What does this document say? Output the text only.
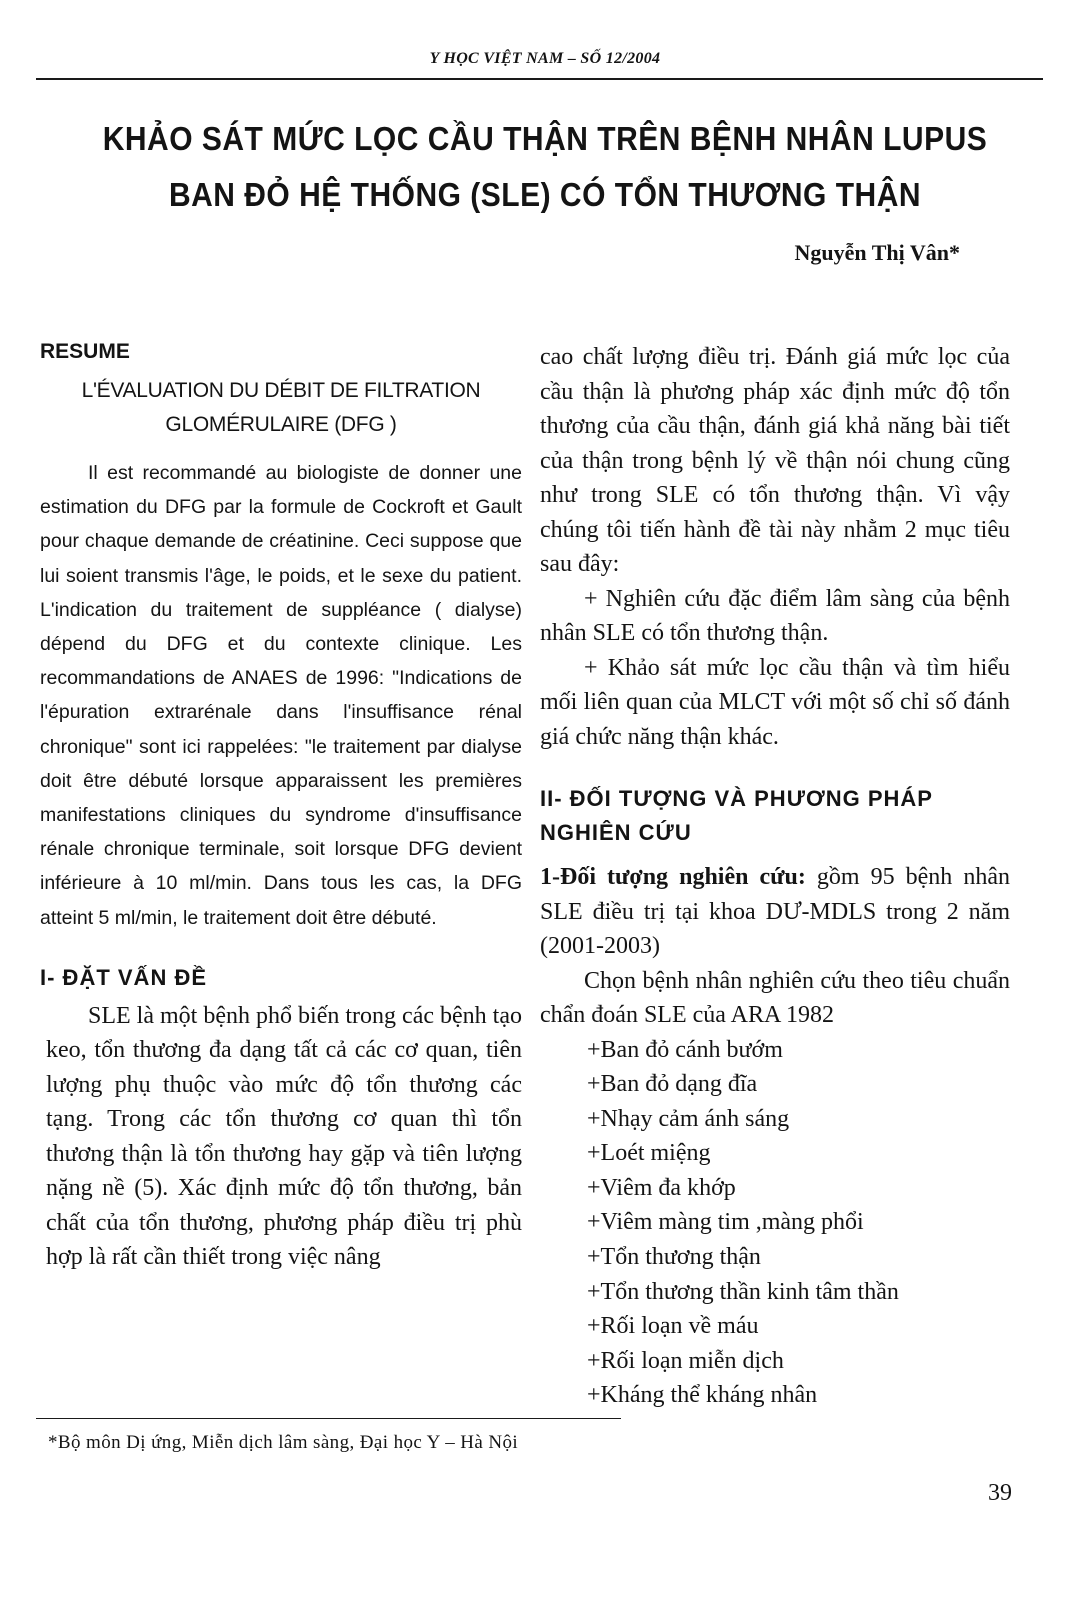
Y HỌC VIỆT NAM – SỐ 12/2004
KHẢO SÁT MỨC LỌC CẦU THẬN TRÊN BỆNH NHÂN LUPUS
BAN ĐỎ HỆ THỐNG (SLE) CÓ TỔN THƯƠNG THẬN
Nguyễn Thị Vân*
RESUME
L'ÉVALUATION DU DÉBIT DE FILTRATION
GLOMÉRULAIRE (DFG )

Il est recommandé au biologiste de donner une estimation du DFG par la formule de Cockroft et Gault pour chaque demande de créatinine. Ceci suppose que lui soient transmis l'âge, le poids, et le sexe du patient. L'indication du traitement de suppléance ( dialyse) dépend du DFG et du contexte clinique. Les recommandations de ANAES de 1996: "Indications de l'épuration extrarénale dans l'insuffisance rénal chronique" sont ici rappelées: "le traitement par dialyse doit être débuté lorsque apparaissent les premières manifestations cliniques du syndrome d'insuffisance rénale chronique terminale, soit lorsque DFG devient inférieure à 10 ml/min. Dans tous les cas, la DFG atteint 5 ml/min, le traitement doit être débuté.

I- ĐẶT VẤN ĐỀ

SLE là một bệnh phổ biến trong các bệnh tạo keo, tổn thương đa dạng tất cả các cơ quan, tiên lượng phụ thuộc vào mức độ tổn thương các tạng. Trong các tổn thương cơ quan thì tổn thương thận là tổn thương hay gặp và tiên lượng nặng nề (5). Xác định mức độ tổn thương, bản chất của tổn thương, phương pháp điều trị phù hợp là rất cần thiết trong việc nâng

cao chất lượng điều trị. Đánh giá mức lọc của cầu thận là phương pháp xác định mức độ tổn thương của cầu thận, đánh giá khả năng bài tiết của thận trong bệnh lý về thận nói chung cũng như trong SLE có tổn thương thận. Vì vậy chúng tôi tiến hành đề tài này nhằm 2 mục tiêu sau đây:

+ Nghiên cứu đặc điểm lâm sàng của bệnh nhân SLE có tổn thương thận.

+ Khảo sát mức lọc cầu thận và tìm hiểu mối liên quan của MLCT với một số chỉ số đánh giá chức năng thận khác.

II- ĐỐI TƯỢNG VÀ PHƯƠNG PHÁP
NGHIÊN CỨU

1-Đối tượng nghiên cứu: gồm 95 bệnh nhân SLE điều trị tại khoa DƯ-MDLS trong 2 năm (2001-2003)

Chọn bệnh nhân nghiên cứu theo tiêu chuẩn chẩn đoán SLE của ARA 1982

+Ban đỏ cánh bướm
+Ban đỏ dạng đĩa
+Nhạy cảm ánh sáng
+Loét miệng
+Viêm đa khớp
+Viêm màng tim ,màng phổi
+Tổn thương thận
+Tổn thương thần kinh tâm thần
+Rối loạn về máu
+Rối loạn miễn dịch
+Kháng thể kháng nhân
*Bộ môn Dị ứng, Miễn dịch lâm sàng, Đại học Y – Hà Nội
39
